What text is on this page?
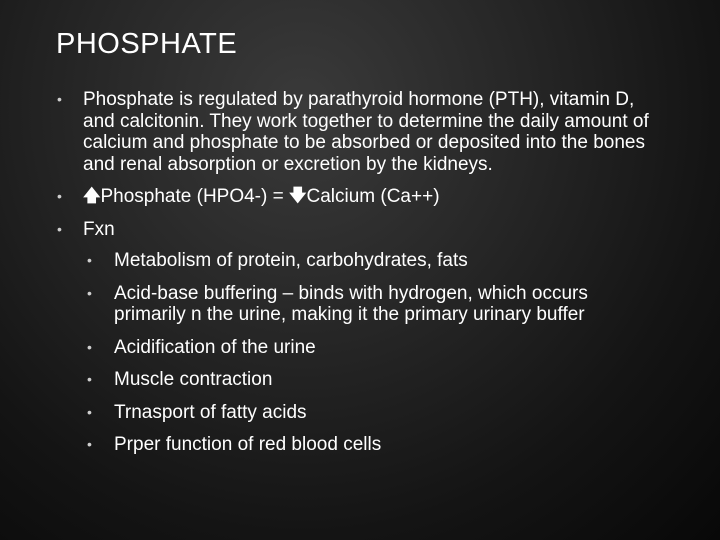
PHOSPHATE
• Phosphate is regulated by parathyroid hormone (PTH), vitamin D, and calcitonin. They work together to determine the daily amount of calcium and phosphate to be absorbed or deposited into the bones and renal absorption or excretion by the kidneys.
• 🡅Phosphate (HPO4-) = 🡇Calcium (Ca++)
• Fxn
• Metabolism of protein, carbohydrates, fats
• Acid-base buffering – binds with hydrogen, which occurs primarily n the urine, making it the primary urinary buffer
• Acidification of the urine
• Muscle contraction
• Trnasport of fatty acids
• Prper function of red blood cells
